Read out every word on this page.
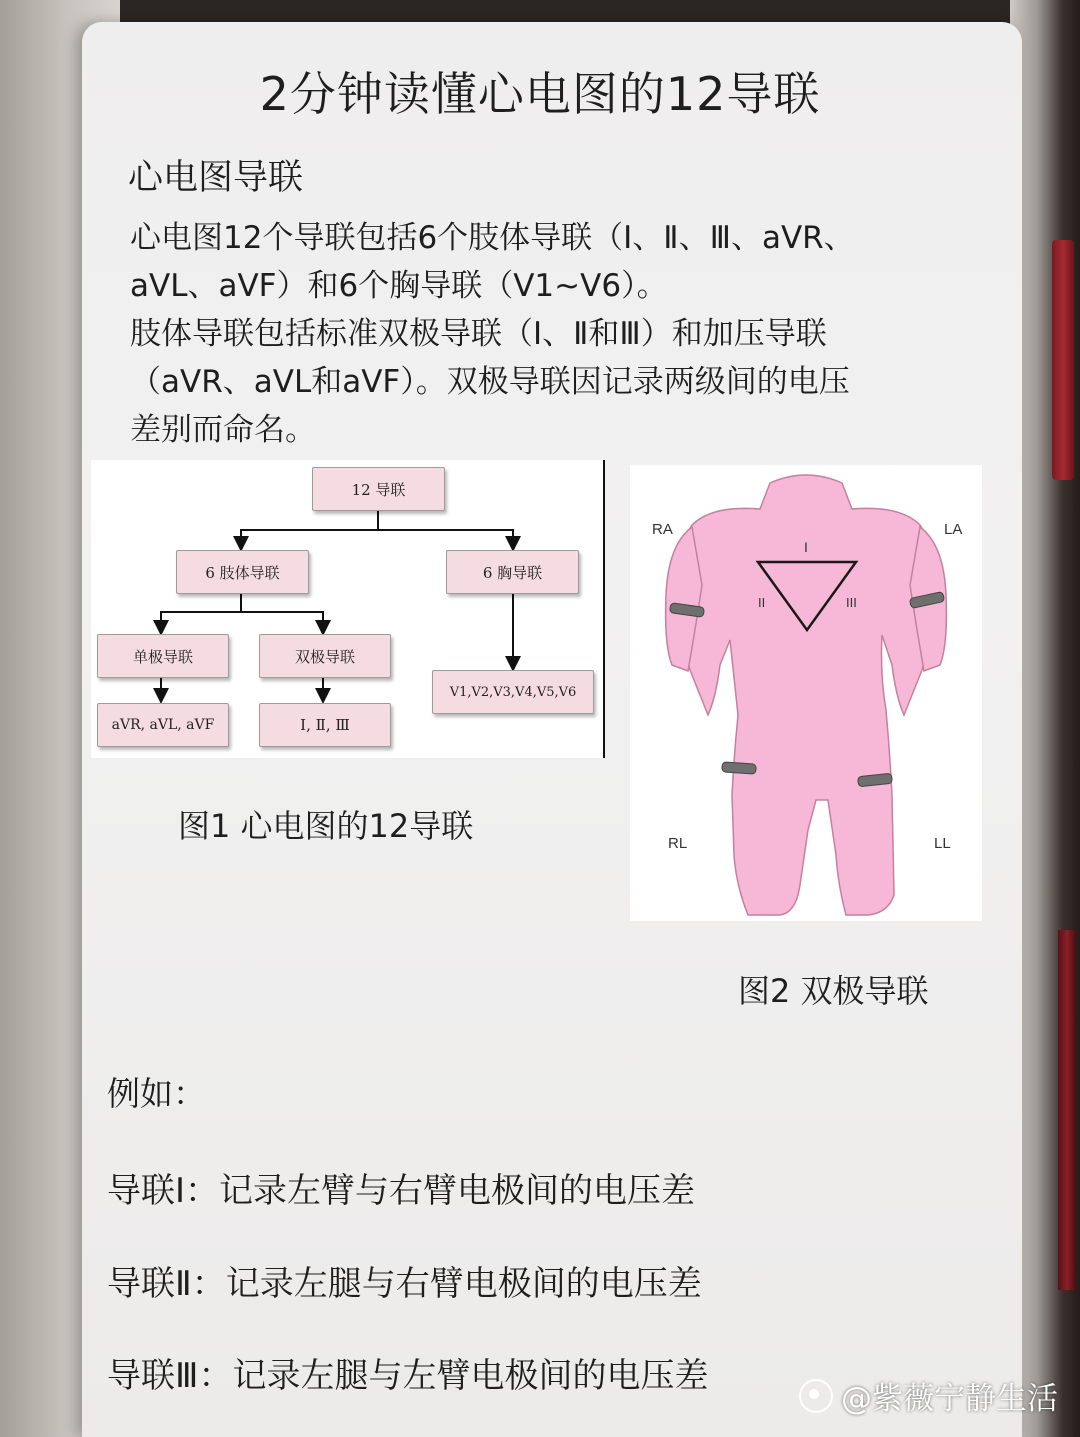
2分钟读懂心电图的12导联
心电图导联
心电图12个导联包括6个肢体导联（Ⅰ、Ⅱ、Ⅲ、aVR、
aVL、aVF）和6个胸导联（V1~V6）。
肢体导联包括标准双极导联（Ⅰ、Ⅱ和Ⅲ）和加压导联
（aVR、aVL和aVF）。双极导联因记录两级间的电压
差别而命名。
12 导联
6 肢体导联	6 胸导联
单极导联	双极导联
aVR, aVL, aVF	Ⅰ, Ⅱ, Ⅲ
V1,V2,V3,V4,V5,V6
图1 心电图的12导联
RA	LA
RL	LL
I
II	III
图2 双极导联
例如：
导联Ⅰ：记录左臂与右臂电极间的电压差
导联Ⅱ：记录左腿与右臂电极间的电压差
导联Ⅲ：记录左腿与左臂电极间的电压差
@紫薇宁静生活
